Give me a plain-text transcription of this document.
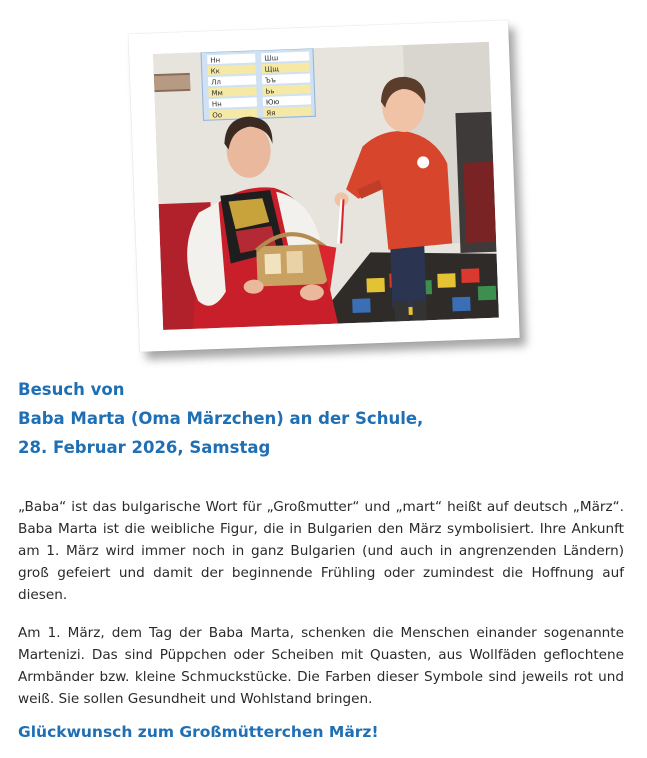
Нн
Кк
Лл
Мм
Нн
Оо
Шш
Щщ
Ъъ
Ьь
Юю
Яя
Besuch von
Baba Marta (Oma Märzchen) an der Schule,
28. Februar 2026, Samstag

„Baba“ ist das bulgarische Wort für „Großmutter“ und „mart“ heißt auf deutsch „März“. Baba Marta ist die weibliche Figur, die in Bulgarien den März symbolisiert. Ihre Ankunft am 1. März wird immer noch in ganz Bulgarien (und auch in angrenzenden Ländern) groß gefeiert und damit der beginnende Frühling oder zumindest die Hoffnung auf diesen.

Am 1. März, dem Tag der Baba Marta, schenken die Menschen einander sogenannte Martenizi. Das sind Püppchen oder Scheiben mit Quasten, aus Wollfäden geflochtene Armbänder bzw. kleine Schmuckstücke. Die Farben dieser Symbole sind jeweils rot und weiß. Sie sollen Gesundheit und Wohlstand bringen.

Glückwunsch zum Großmütterchen März!
